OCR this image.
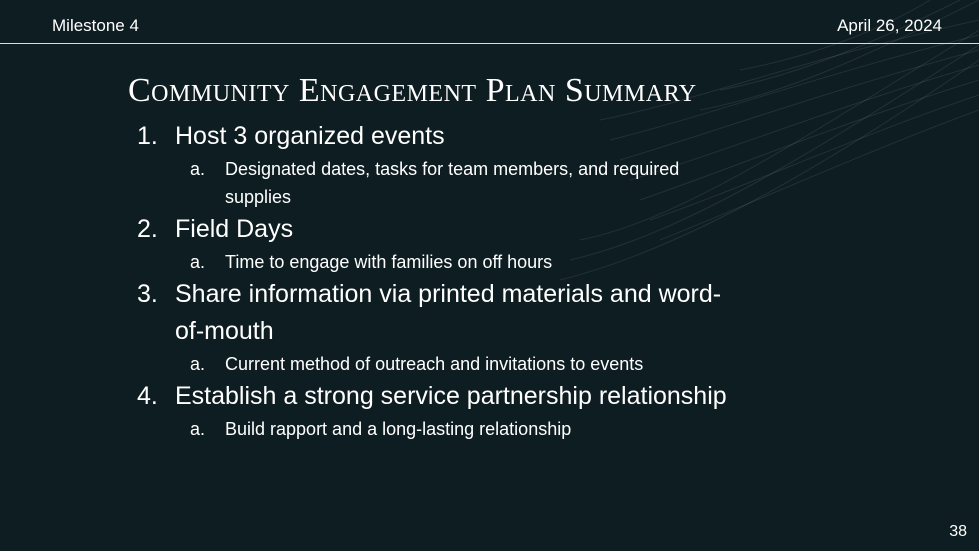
Milestone 4	April 26, 2024
Community Engagement Plan Summary
1. Host 3 organized events
a.	Designated dates, tasks for team members, and required supplies
2. Field Days
a.	Time to engage with families on off hours
3. Share information via printed materials and word-of-mouth
a.	Current method of outreach and invitations to events
4. Establish a strong service partnership relationship
a.	Build rapport and a long-lasting relationship
38
